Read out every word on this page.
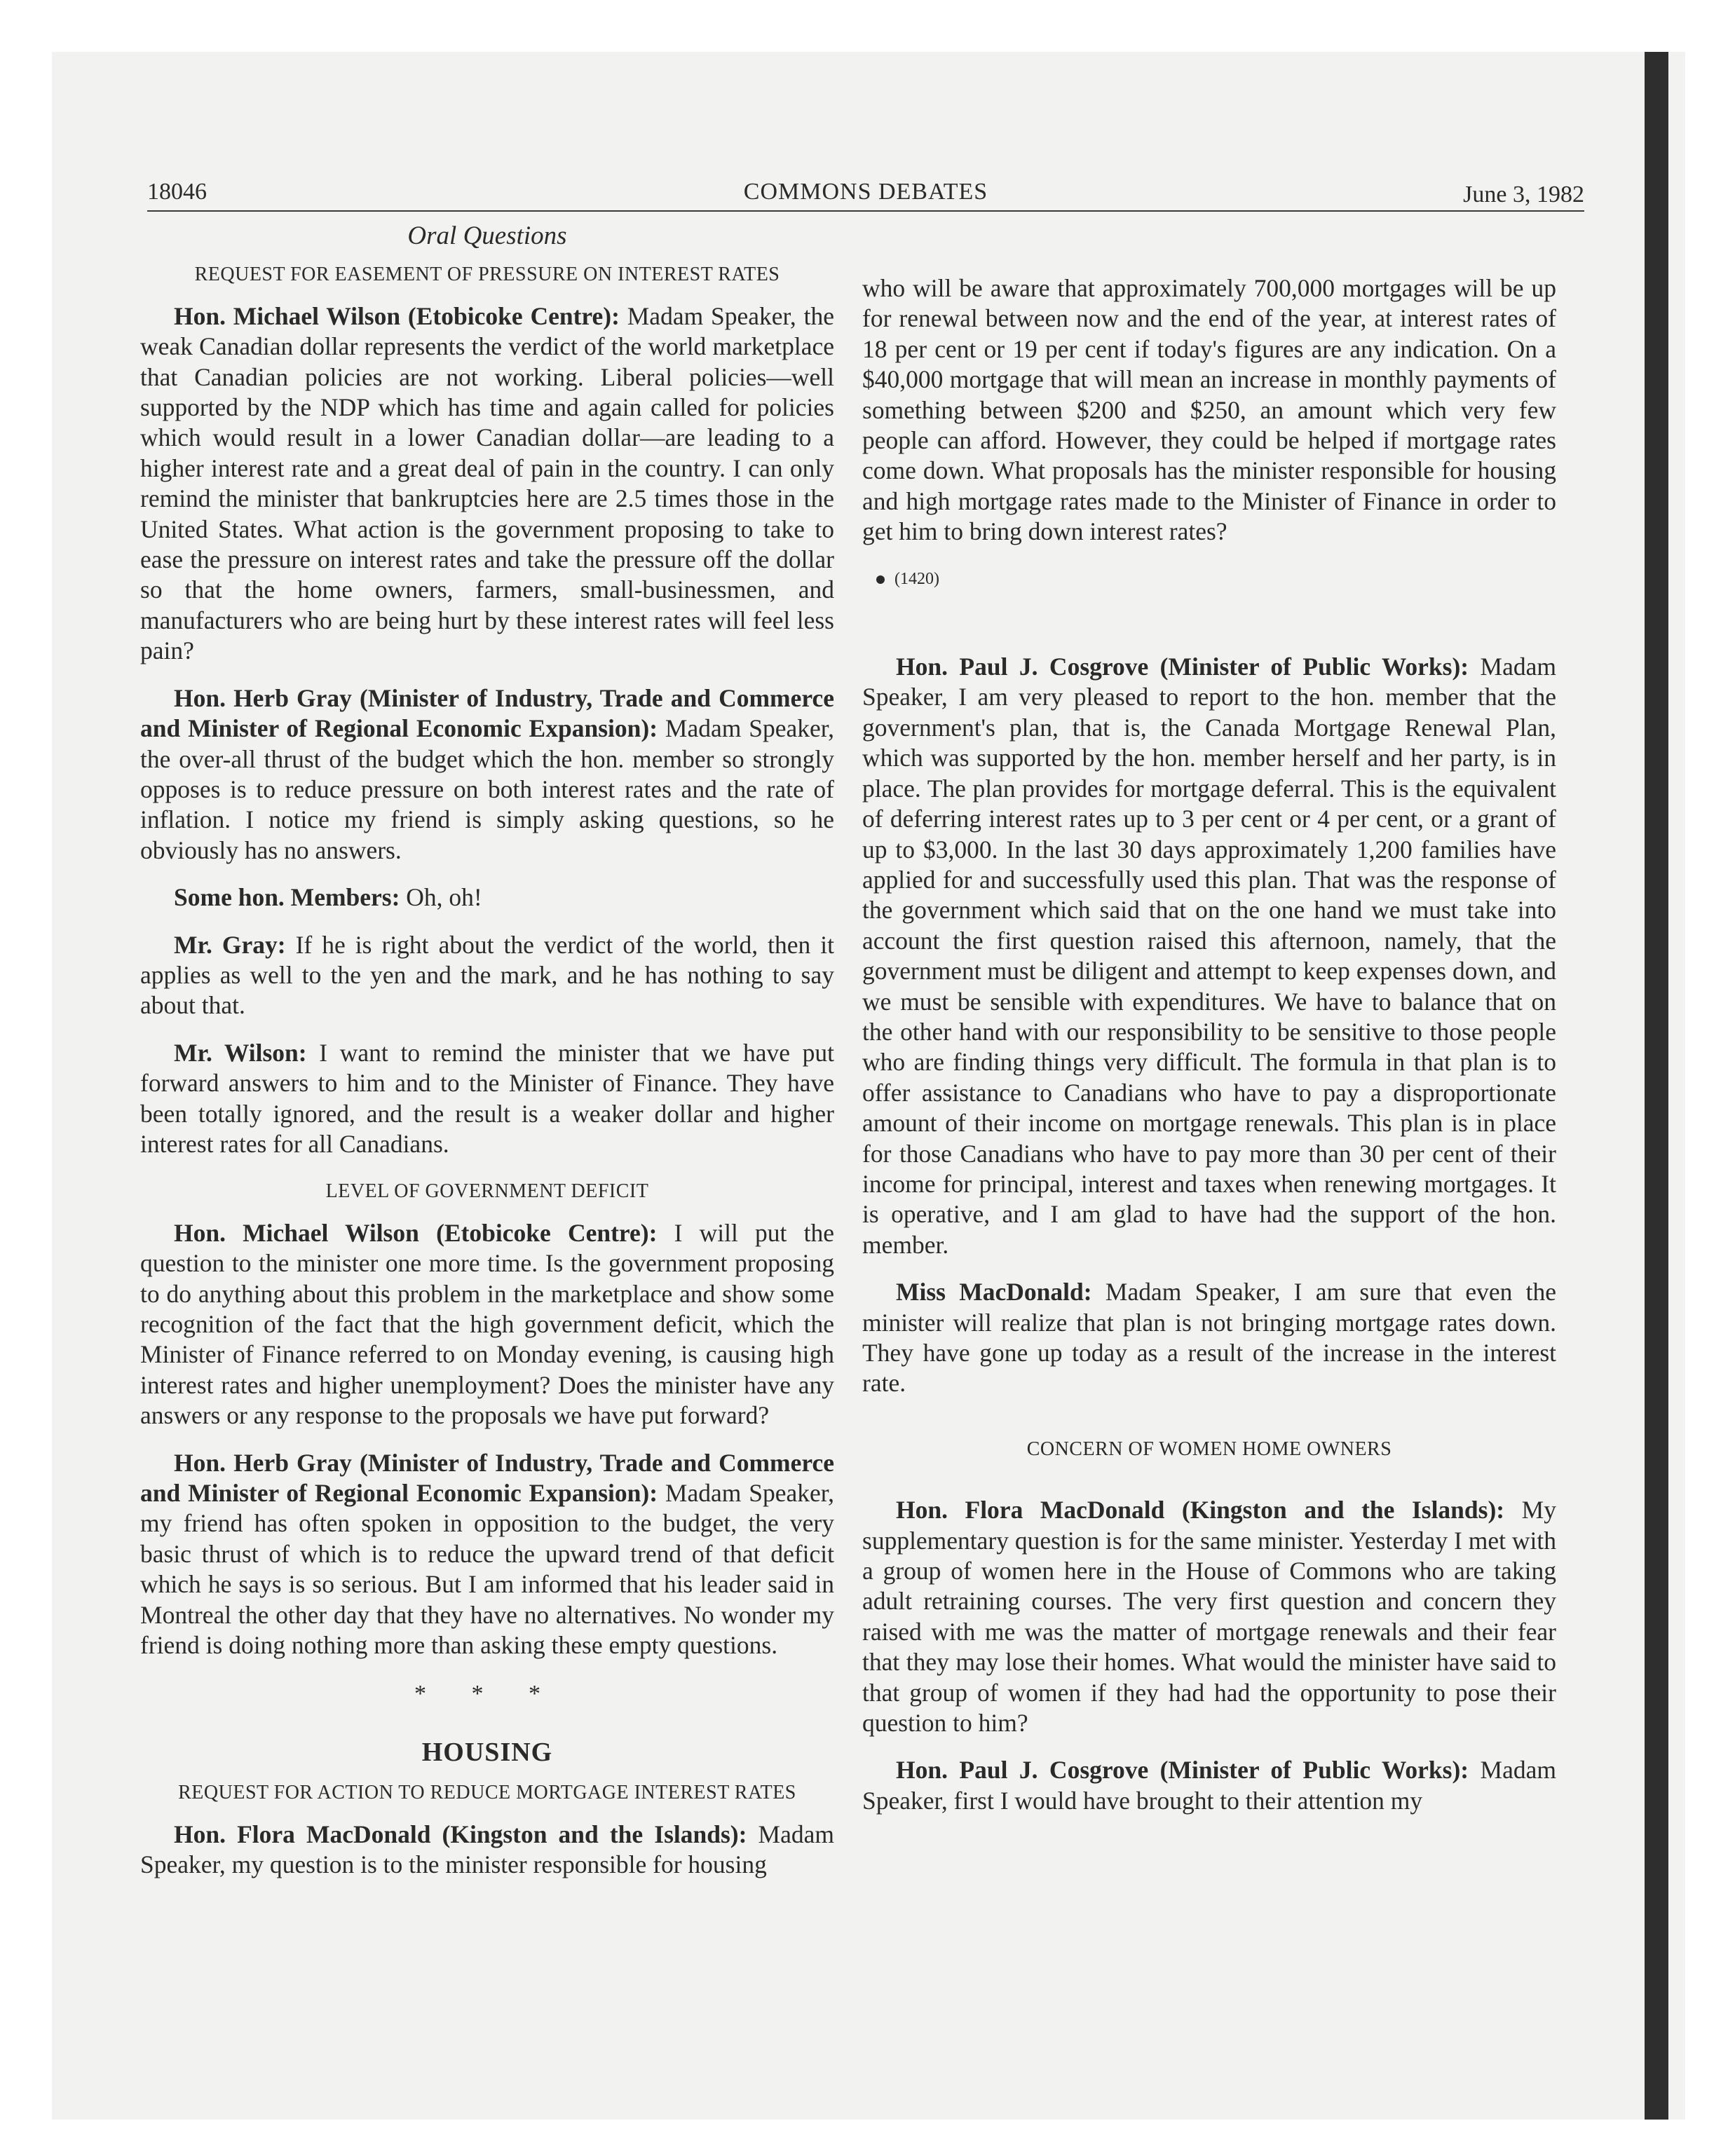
18046	COMMONS DEBATES	June 3, 1982
Oral Questions
REQUEST FOR EASEMENT OF PRESSURE ON INTEREST RATES

Hon. Michael Wilson (Etobicoke Centre): Madam Speaker, the weak Canadian dollar represents the verdict of the world marketplace that Canadian policies are not working. Liberal policies—well supported by the NDP which has time and again called for policies which would result in a lower Canadian dollar—are leading to a higher interest rate and a great deal of pain in the country. I can only remind the minister that bankruptcies here are 2.5 times those in the United States. What action is the government proposing to take to ease the pressure on interest rates and take the pressure off the dollar so that the home owners, farmers, small-businessmen, and manufacturers who are being hurt by these interest rates will feel less pain?

Hon. Herb Gray (Minister of Industry, Trade and Commerce and Minister of Regional Economic Expansion): Madam Speaker, the over-all thrust of the budget which the hon. member so strongly opposes is to reduce pressure on both interest rates and the rate of inflation. I notice my friend is simply asking questions, so he obviously has no answers.

Some hon. Members: Oh, oh!

Mr. Gray: If he is right about the verdict of the world, then it applies as well to the yen and the mark, and he has nothing to say about that.

Mr. Wilson: I want to remind the minister that we have put forward answers to him and to the Minister of Finance. They have been totally ignored, and the result is a weaker dollar and higher interest rates for all Canadians.

LEVEL OF GOVERNMENT DEFICIT

Hon. Michael Wilson (Etobicoke Centre): I will put the question to the minister one more time. Is the government proposing to do anything about this problem in the marketplace and show some recognition of the fact that the high government deficit, which the Minister of Finance referred to on Monday evening, is causing high interest rates and higher unemployment? Does the minister have any answers or any response to the proposals we have put forward?

Hon. Herb Gray (Minister of Industry, Trade and Commerce and Minister of Regional Economic Expansion): Madam Speaker, my friend has often spoken in opposition to the budget, the very basic thrust of which is to reduce the upward trend of that deficit which he says is so serious. But I am informed that his leader said in Montreal the other day that they have no alternatives. No wonder my friend is doing nothing more than asking these empty questions.

* * *
HOUSING
REQUEST FOR ACTION TO REDUCE MORTGAGE INTEREST RATES

Hon. Flora MacDonald (Kingston and the Islands): Madam Speaker, my question is to the minister responsible for housing

who will be aware that approximately 700,000 mortgages will be up for renewal between now and the end of the year, at interest rates of 18 per cent or 19 per cent if today's figures are any indication. On a $40,000 mortgage that will mean an increase in monthly payments of something between $200 and $250, an amount which very few people can afford. However, they could be helped if mortgage rates come down. What proposals has the minister responsible for housing and high mortgage rates made to the Minister of Finance in order to get him to bring down interest rates?

(1420)

Hon. Paul J. Cosgrove (Minister of Public Works): Madam Speaker, I am very pleased to report to the hon. member that the government's plan, that is, the Canada Mortgage Renewal Plan, which was supported by the hon. member herself and her party, is in place. The plan provides for mortgage deferral. This is the equivalent of deferring interest rates up to 3 per cent or 4 per cent, or a grant of up to $3,000. In the last 30 days approximately 1,200 families have applied for and successfully used this plan. That was the response of the government which said that on the one hand we must take into account the first question raised this afternoon, namely, that the government must be diligent and attempt to keep expenses down, and we must be sensible with expenditures. We have to balance that on the other hand with our responsibility to be sensitive to those people who are finding things very difficult. The formula in that plan is to offer assistance to Canadians who have to pay a disproportionate amount of their income on mortgage renewals. This plan is in place for those Canadians who have to pay more than 30 per cent of their income for principal, interest and taxes when renewing mortgages. It is operative, and I am glad to have had the support of the hon. member.

Miss MacDonald: Madam Speaker, I am sure that even the minister will realize that plan is not bringing mortgage rates down. They have gone up today as a result of the increase in the interest rate.

CONCERN OF WOMEN HOME OWNERS

Hon. Flora MacDonald (Kingston and the Islands): My supplementary question is for the same minister. Yesterday I met with a group of women here in the House of Commons who are taking adult retraining courses. The very first question and concern they raised with me was the matter of mortgage renewals and their fear that they may lose their homes. What would the minister have said to that group of women if they had had the opportunity to pose their question to him?

Hon. Paul J. Cosgrove (Minister of Public Works): Madam Speaker, first I would have brought to their attention my
